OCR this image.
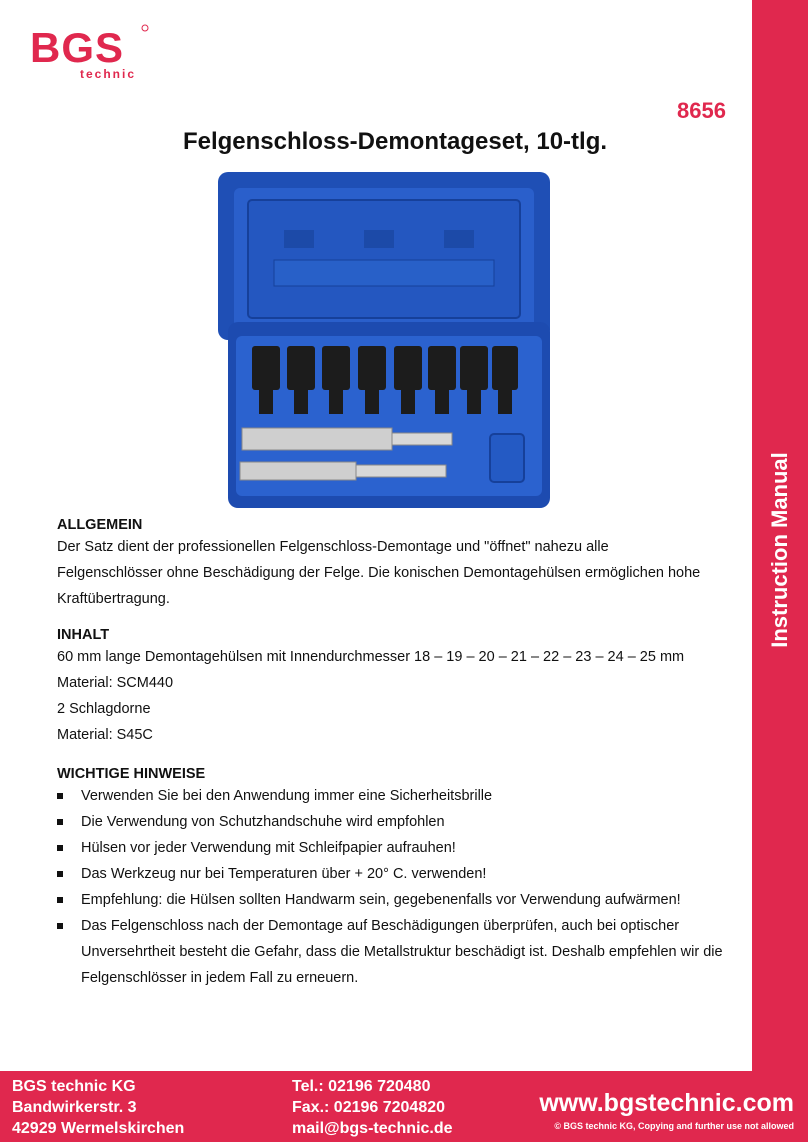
Instruction Manual
BGS
technic
8656
Felgenschloss-Demontageset, 10-tlg.

ALLGEMEIN

Der Satz dient der professionellen Felgenschloss-Demontage und "öffnet" nahezu alle

Felgenschlösser ohne Beschädigung der Felge. Die konischen Demontagehülsen ermöglichen hohe

Kraftübertragung.

INHALT

60 mm lange Demontagehülsen mit Innendurchmesser 18 – 19 – 20 – 21 – 22 – 23 – 24 – 25 mm

Material: SCM440

2 Schlagdorne

Material: S45C

WICHTIGE HINWEISE

Verwenden Sie bei den Anwendung immer eine Sicherheitsbrille
Die Verwendung von Schutzhandschuhe wird empfohlen
Hülsen vor jeder Verwendung mit Schleifpapier aufrauhen!
Das Werkzeug nur bei Temperaturen über + 20° C. verwenden!
Empfehlung: die Hülsen sollten Handwarm sein, gegebenenfalls vor Verwendung aufwärmen!
Das Felgenschloss nach der Demontage auf Beschädigungen überprüfen, auch bei optischer Unversehrtheit besteht die Gefahr, dass die Metallstruktur beschädigt ist. Deshalb empfehlen wir die Felgenschlösser in jedem Fall zu erneuern.
BGS technic KG
Bandwirkerstr. 3
42929 Wermelskirchen
Tel.: 02196 720480
Fax.: 02196 7204820
mail@bgs-technic.de
www.bgstechnic.com
© BGS technic KG, Copying and further use not allowed
